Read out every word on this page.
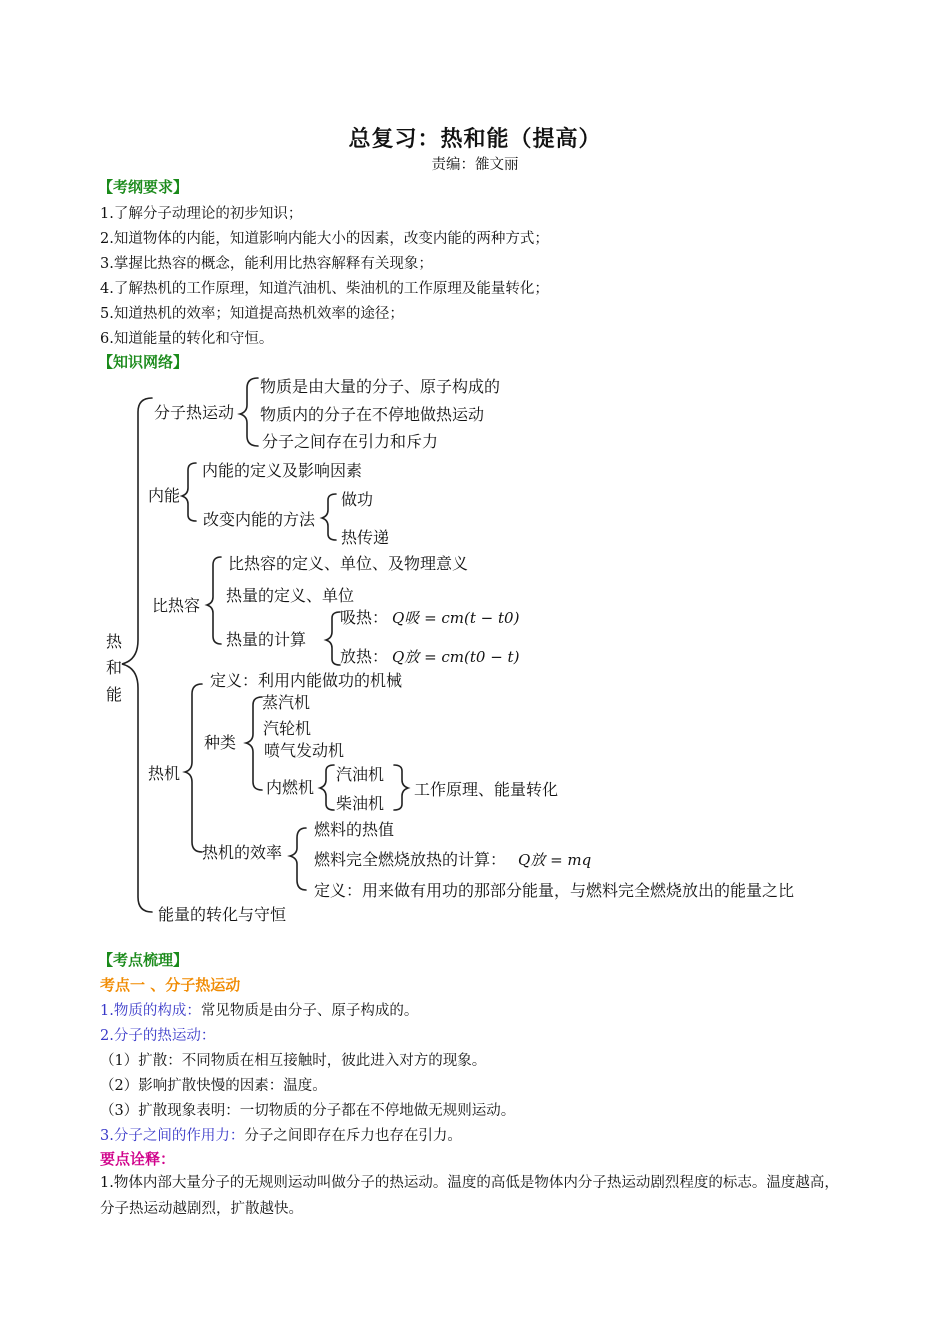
总复习：热和能（提高）
责编：雒文丽
【考纲要求】
1.了解分子动理论的初步知识；
2.知道物体的内能，知道影响内能大小的因素，改变内能的两种方式；
3.掌握比热容的概念，能利用比热容解释有关现象；
4.了解热机的工作原理，知道汽油机、柴油机的工作原理及能量转化；
5.知道热机的效率；知道提高热机效率的途径；
6.知道能量的转化和守恒。
【知识网络】
热
和
能
分子热运动
物质是由大量的分子、原子构成的
物质内的分子在不停地做热运动
分子之间存在引力和斥力
内能
内能的定义及影响因素
改变内能的方法
做功
热传递
比热容
比热容的定义、单位、及物理意义
热量的定义、单位
热量的计算
吸热： Q吸 = cm(t − t0)
放热： Q放 = cm(t0 − t)
热机
定义：利用内能做功的机械
种类
蒸汽机
汽轮机
喷气发动机
内燃机
汽油机
柴油机
工作原理、能量转化
热机的效率
燃料的热值
燃料完全燃烧放热的计算： Q放 = mq
定义：用来做有用功的那部分能量，与燃料完全燃烧放出的能量之比
能量的转化与守恒
【考点梳理】
考点一 、分子热运动
1.物质的构成：常见物质是由分子、原子构成的。
2.分子的热运动：
（1）扩散：不同物质在相互接触时，彼此进入对方的现象。
（2）影响扩散快慢的因素：温度。
（3）扩散现象表明：一切物质的分子都在不停地做无规则运动。
3.分子之间的作用力：分子之间即存在斥力也存在引力。
要点诠释：
1.物体内部大量分子的无规则运动叫做分子的热运动。温度的高低是物体内分子热运动剧烈程度的标志。温度越高，分子热运动越剧烈，扩散越快。
